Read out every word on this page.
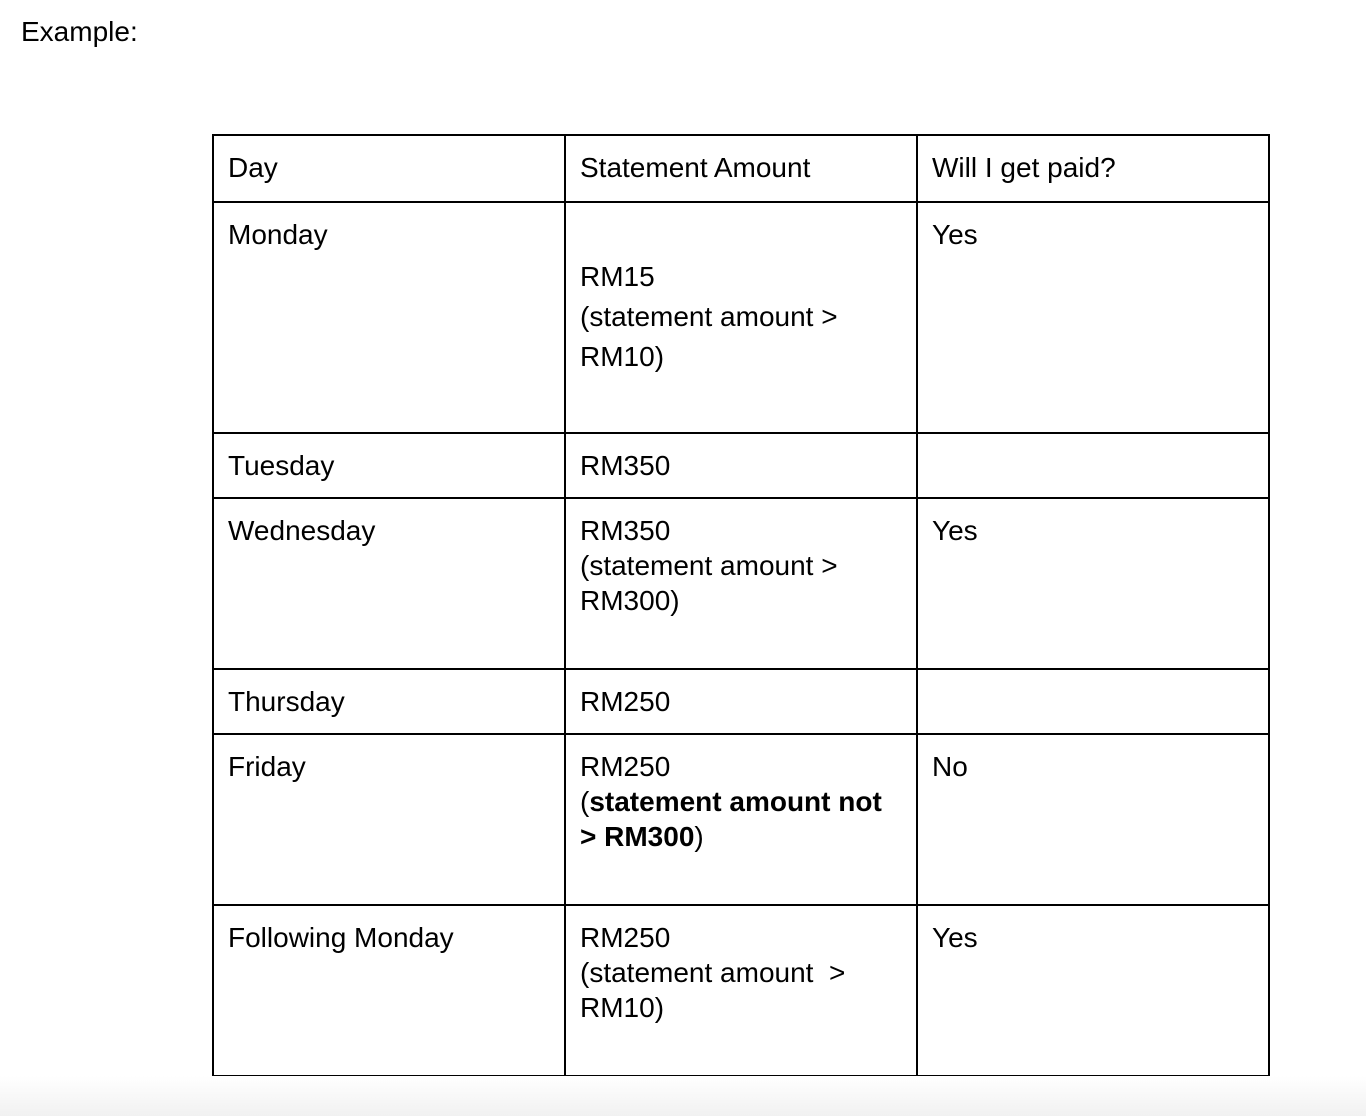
Example:
Day	Statement Amount	Will I get paid?
Monday	RM15
(statement amount >
RM10)	Yes
Tuesday	RM350	

Wednesday	RM350
(statement amount >
RM300)	Yes
Thursday	RM250	

Friday	RM250
(statement amount not
> RM300)	No
Following Monday	RM250
(statement amount  >
RM10)	Yes
